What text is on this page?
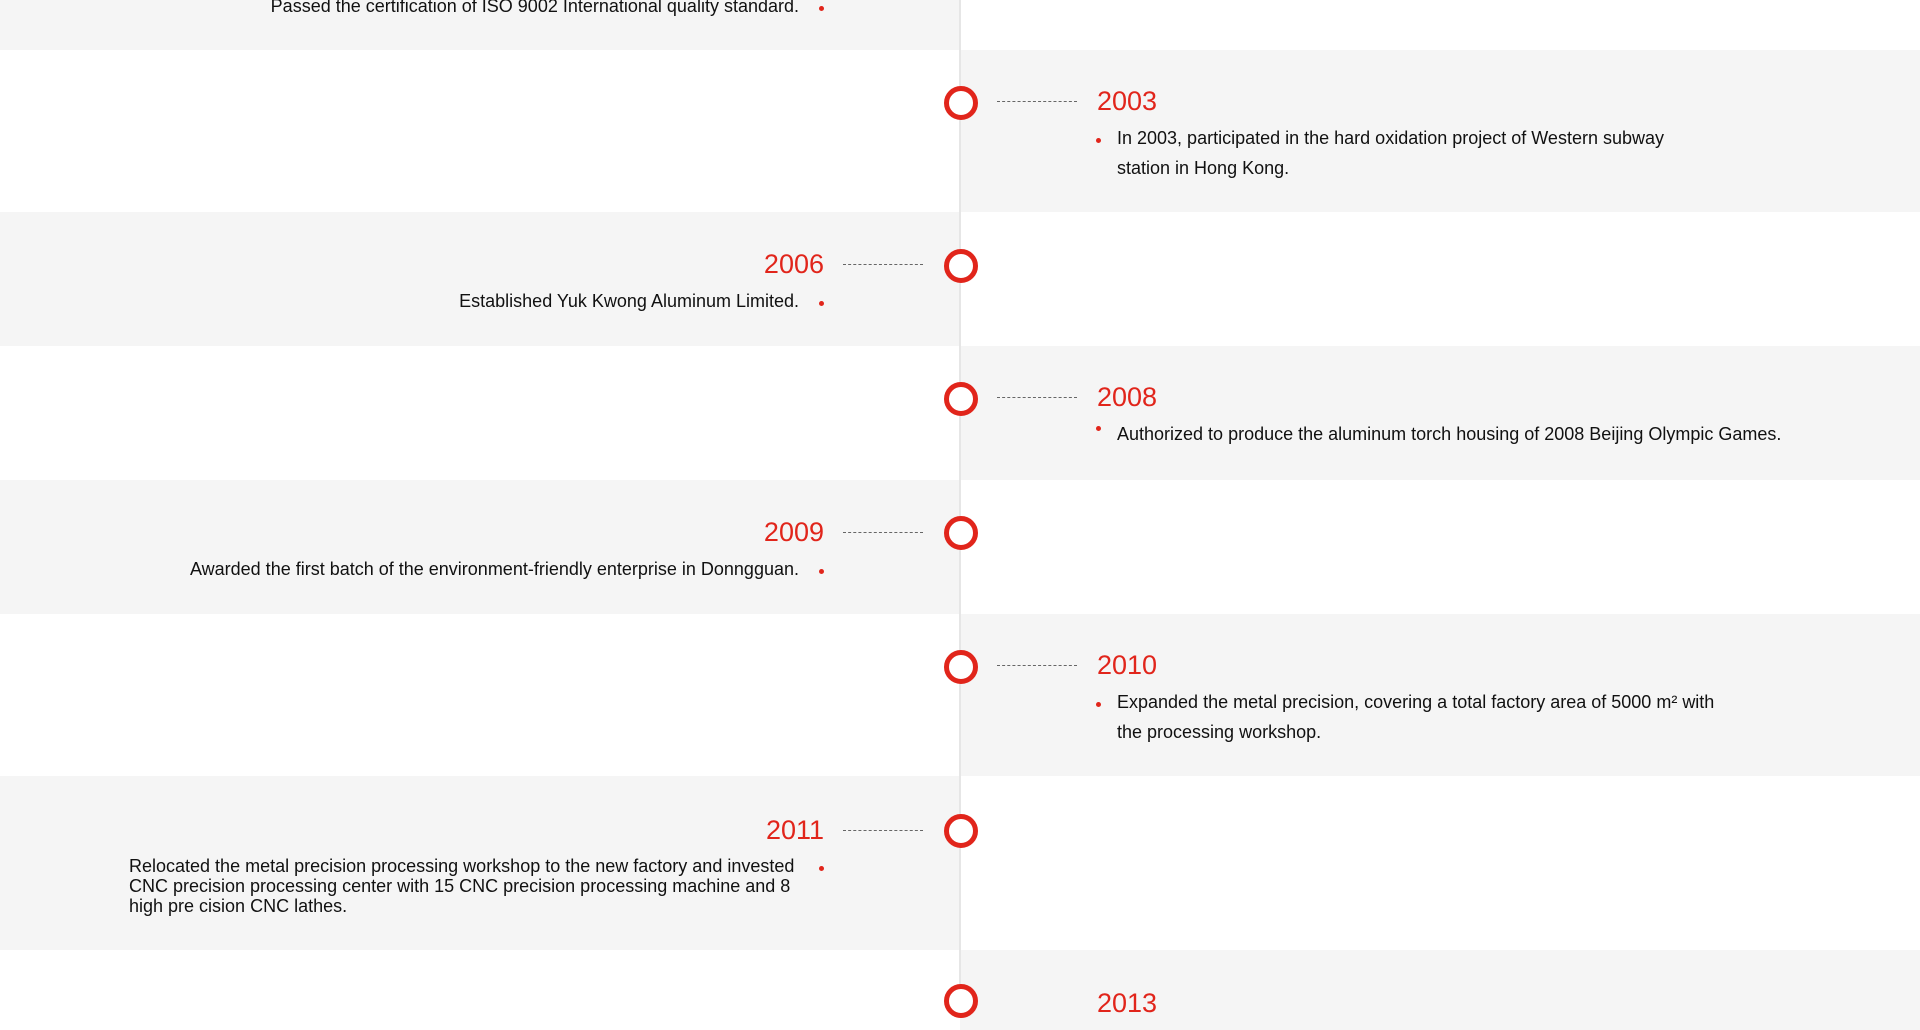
Passed the certification of ISO 9002 International quality standard.
2003
In 2003, participated in the hard oxidation project of Western subway station in Hong Kong.
2006
Established Yuk Kwong Aluminum Limited.
2008
Authorized to produce the aluminum torch housing of 2008 Beijing Olympic Games.
2009
Awarded the first batch of the environment-friendly enterprise in Donngguan.
2010
Expanded the metal precision, covering a total factory area of 5000 m² with the processing workshop.
2011
Relocated the metal precision processing workshop to the new factory and invested CNC precision processing center with 15 CNC precision processing machine and 8 high pre cision CNC lathes.
2013
